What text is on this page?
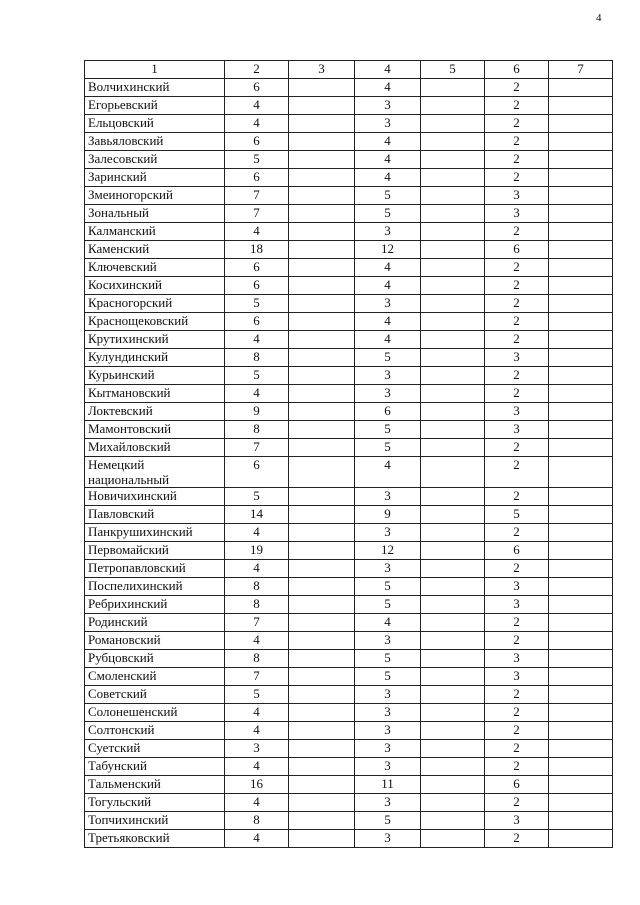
4
1	2	3	4	5	6	7
Волчихинский	6		4		2	
Егорьевский	4		3		2	
Ельцовский	4		3		2	
Завьяловский	6		4		2	
Залесовский	5		4		2	
Заринский	6		4		2	
Змеиногорский	7		5		3	
Зональный	7		5		3	
Калманский	4		3		2	
Каменский	18		12		6	
Ключевский	6		4		2	
Косихинский	6		4		2	
Красногорский	5		3		2	
Краснощековский	6		4		2	
Крутихинский	4		4		2	
Кулундинский	8		5		3	
Курьинский	5		3		2	
Кытмановский	4		3		2	
Локтевский	9		6		3	
Мамонтовский	8		5		3	
Михайловский	7		5		2	
Немецкий национальный	6		4		2	
Новичихинский	5		3		2	
Павловский	14		9		5	
Панкрушихинский	4		3		2	
Первомайский	19		12		6	
Петропавловский	4		3		2	
Поспелихинский	8		5		3	
Ребрихинский	8		5		3	
Родинский	7		4		2	
Романовский	4		3		2	
Рубцовский	8		5		3	
Смоленский	7		5		3	
Советский	5		3		2	
Солонешенский	4		3		2	
Солтонский	4		3		2	
Суетский	3		3		2	
Табунский	4		3		2	
Тальменский	16		11		6	
Тогульский	4		3		2	
Топчихинский	8		5		3	
Третьяковский	4		3		2	
